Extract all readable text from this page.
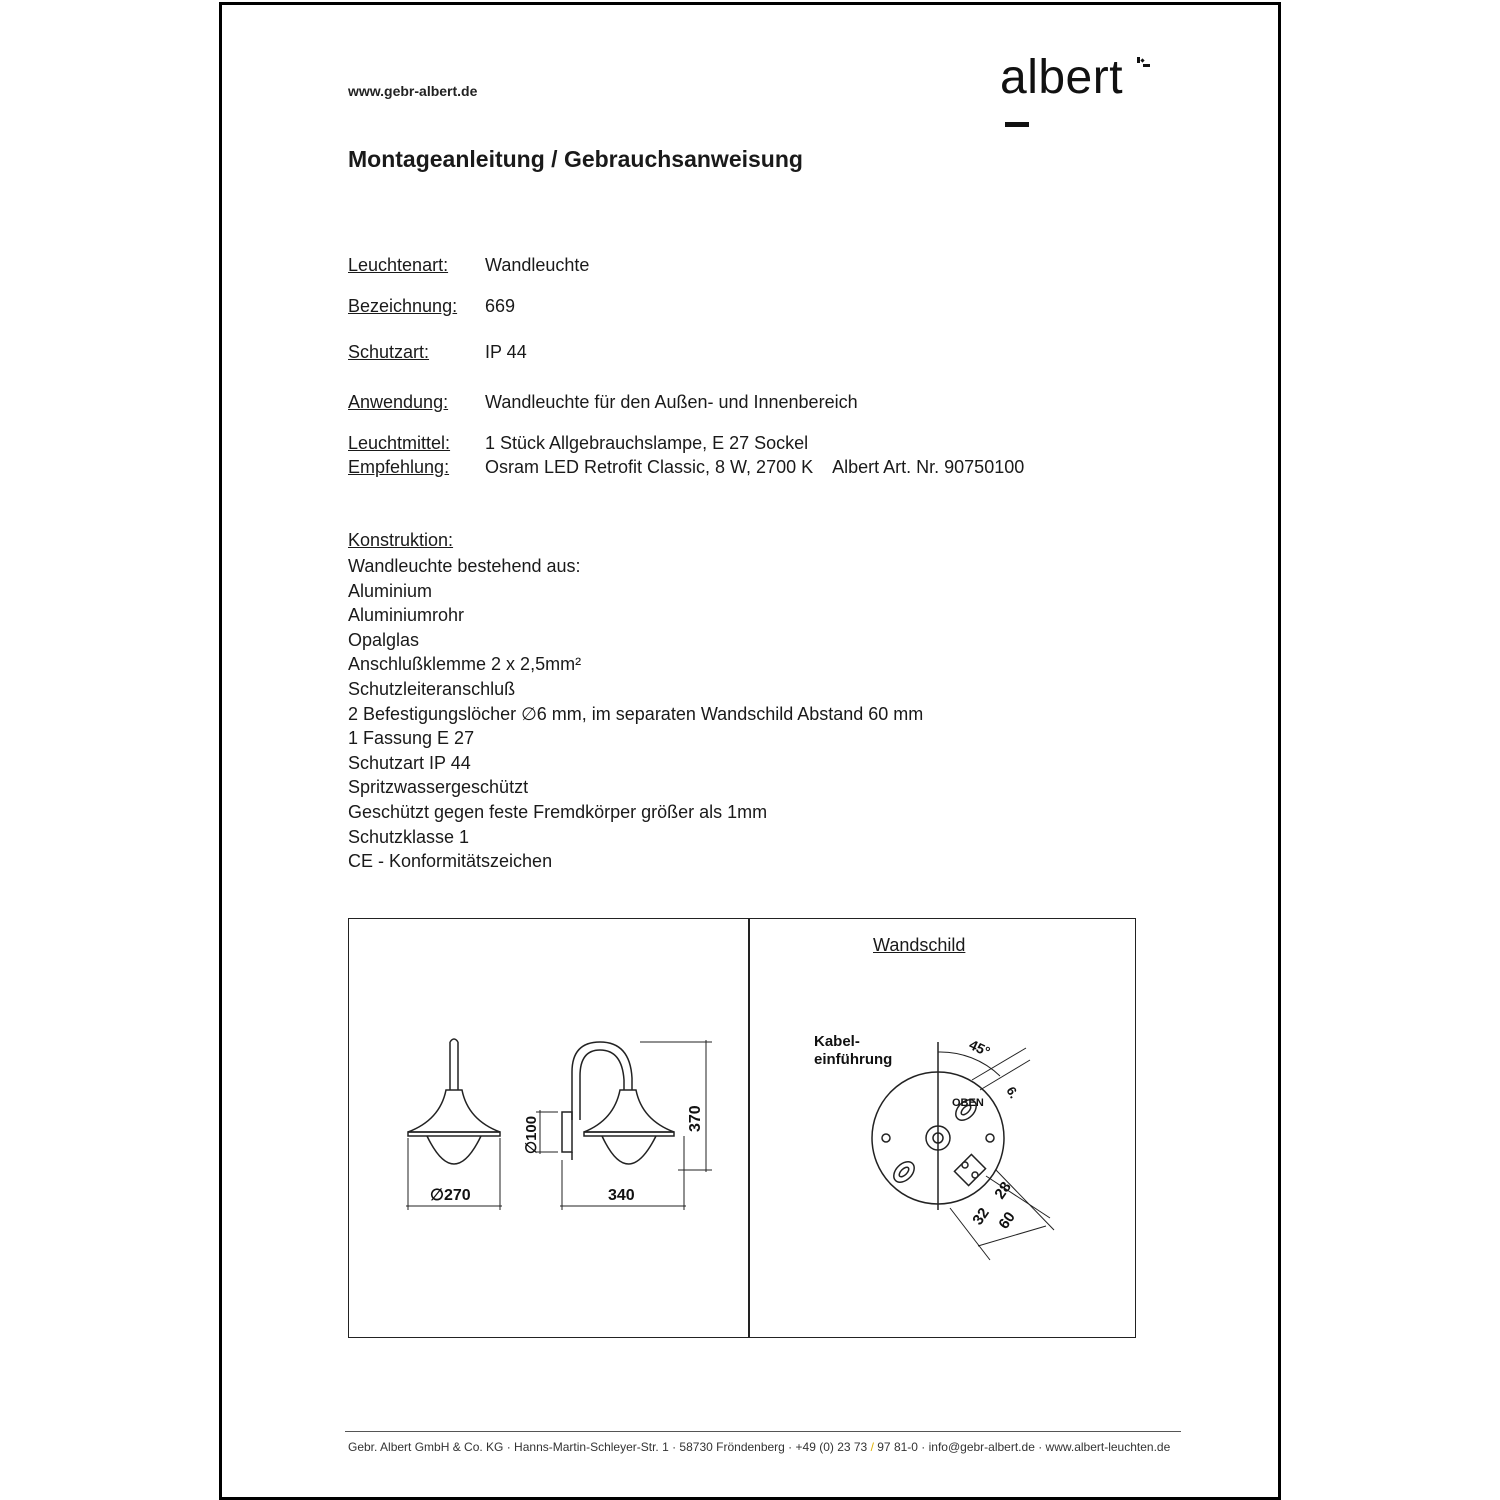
www.gebr-albert.de	albert
Montageanleitung / Gebrauchsanweisung
Leuchtenart: Wandleuchte
Bezeichnung: 669
Schutzart:	IP 44
Anwendung: Wandleuchte für den Außen- und Innenbereich
Leuchtmittel: 1 Stück Allgebrauchslampe, E 27 Sockel
Empfehlung: Osram LED Retrofit Classic, 8 W, 2700 K    Albert Art. Nr. 90750100
Konstruktion:
Wandleuchte bestehend aus:
Aluminium
Aluminiumrohr
Opalglas
Anschlußklemme 2 x 2,5mm²
Schutzleiteranschluß
2 Befestigungslöcher ∅6 mm, im separaten Wandschild Abstand 60 mm
1 Fassung E 27
Schutzart IP 44
Spritzwassergeschützt
Geschützt gegen feste Fremdkörper größer als 1mm
Schutzklasse 1
CE - Konformitätszeichen
Wandschild
∅270	340
370
∅100
Kabel-
einführung
OBEN
45°
6.
28
32 60
Gebr. Albert GmbH & Co. KG · Hanns-Martin-Schleyer-Str. 1 · 58730 Fröndenberg · +49 (0) 23 73 / 97 81-0 · info@gebr-albert.de · www.albert-leuchten.de
